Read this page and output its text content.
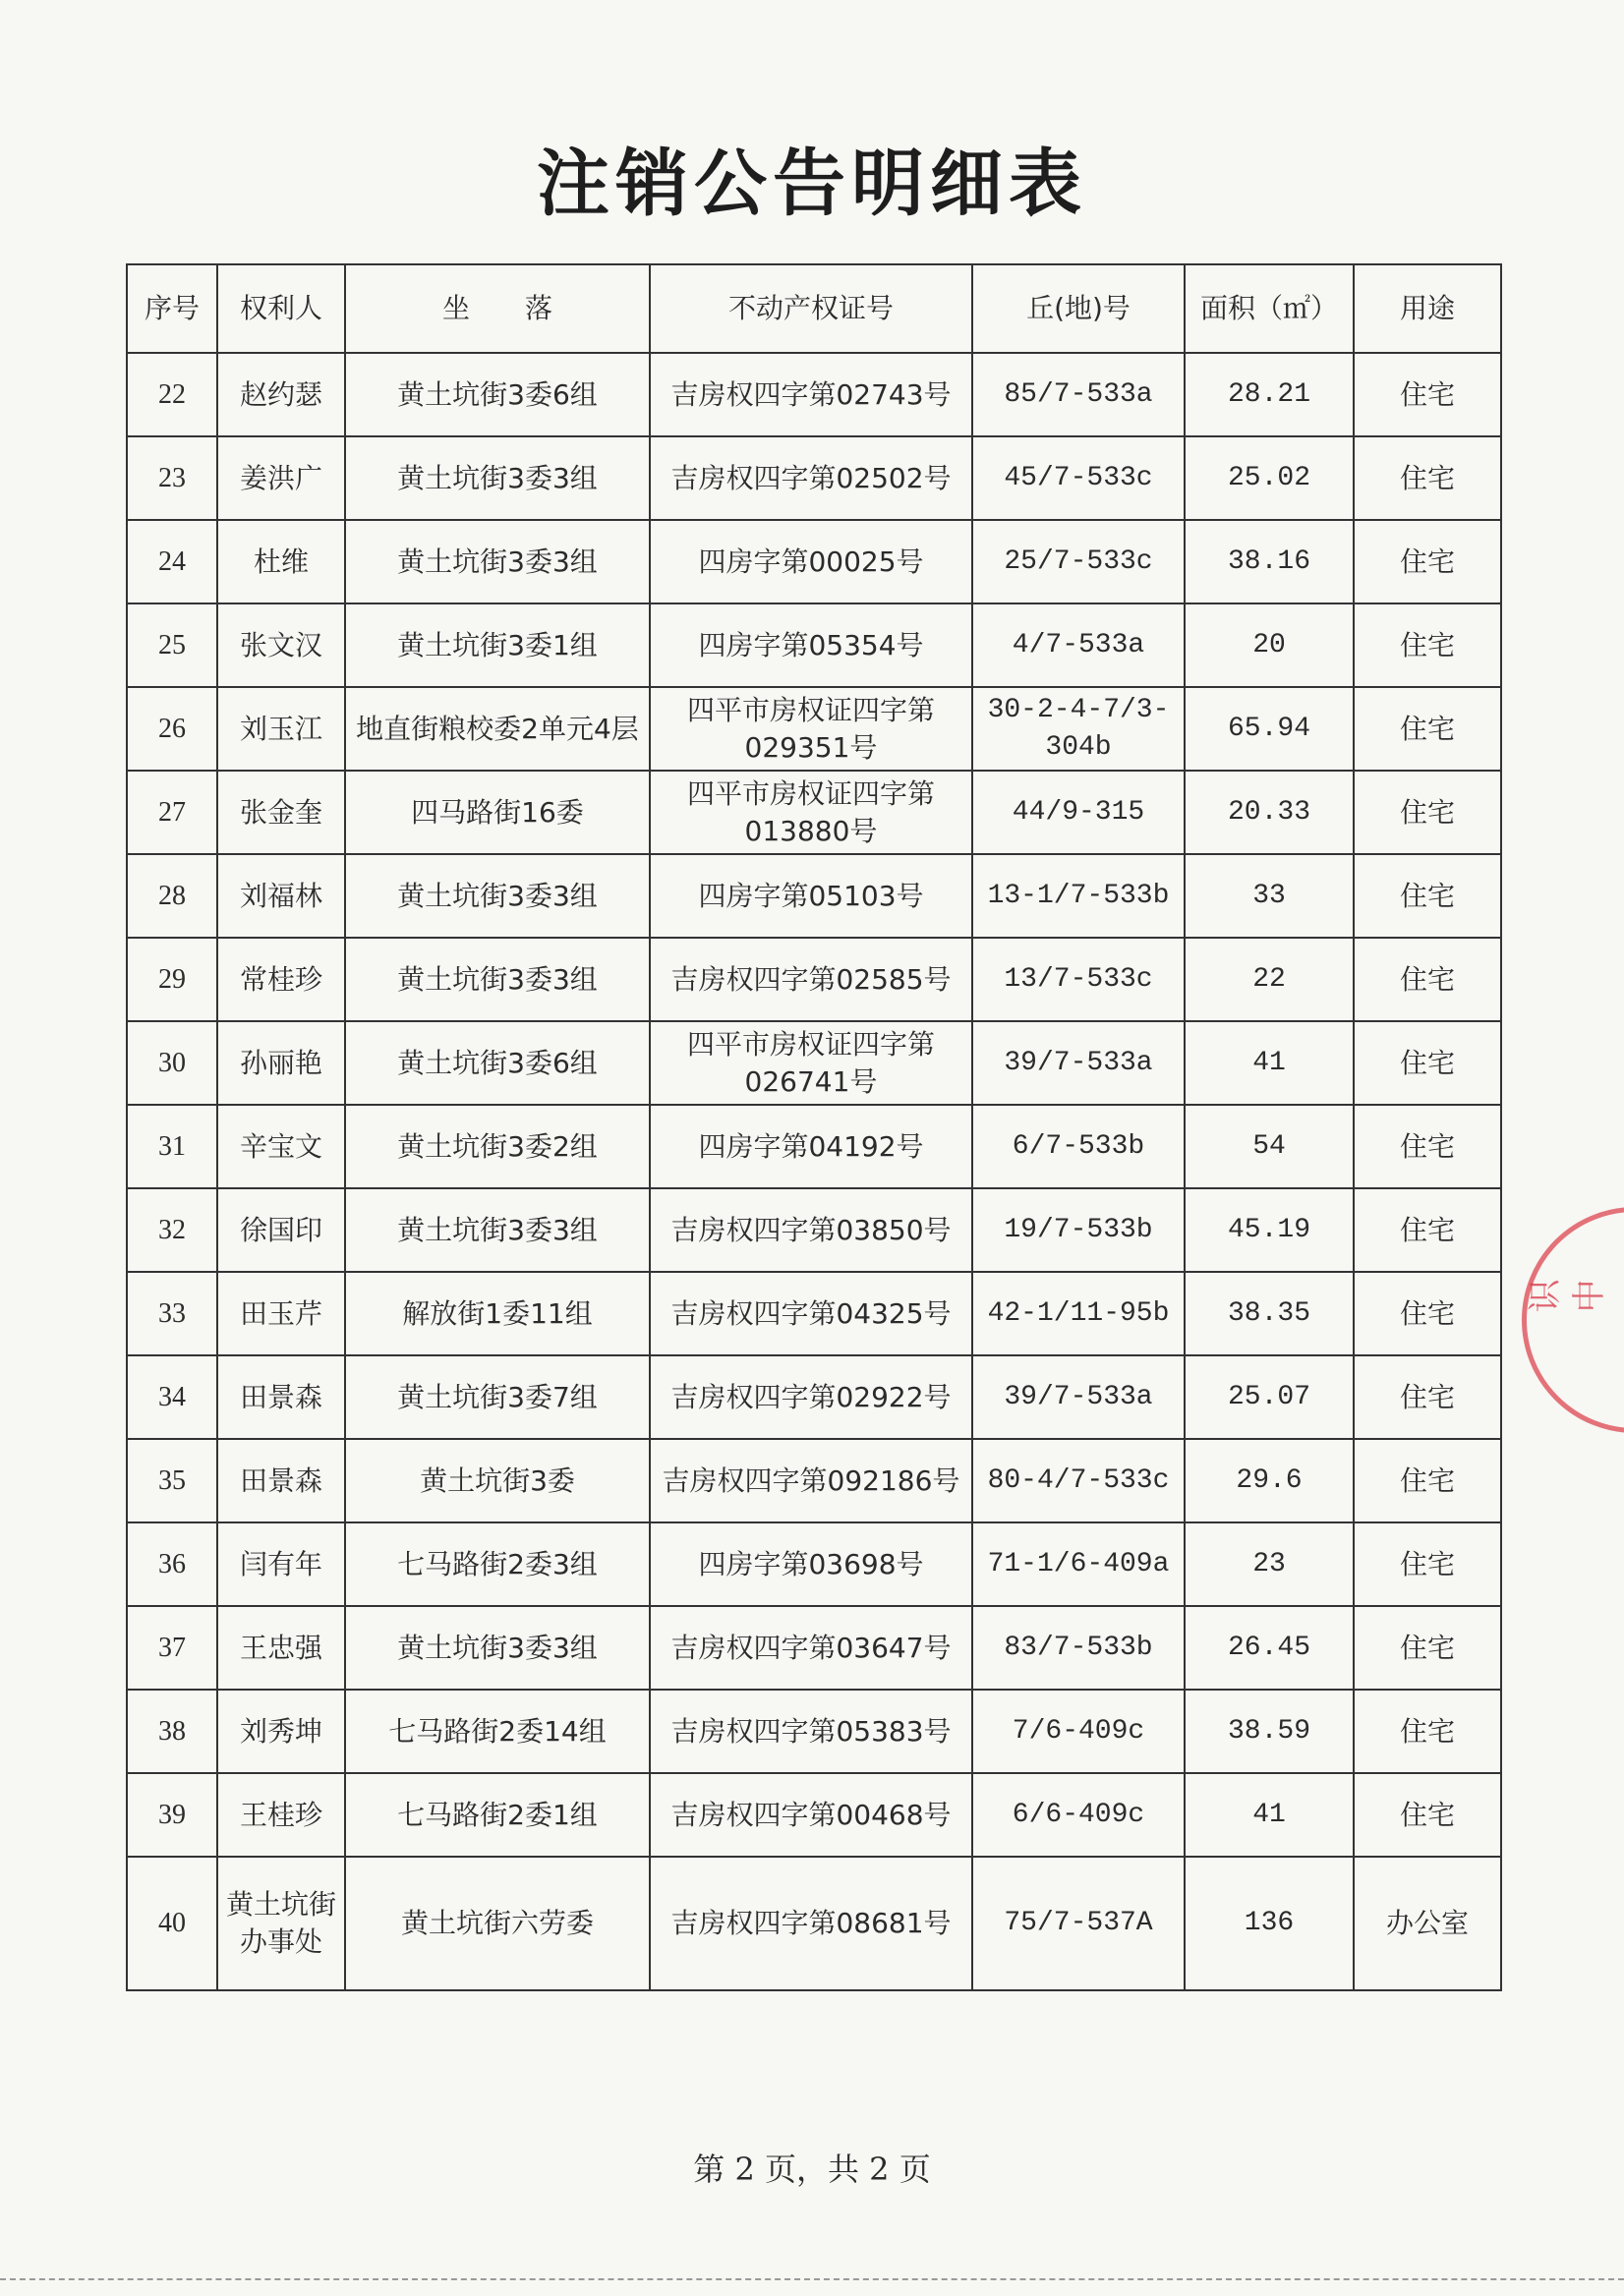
注销公告明细表
序号	权利人	坐　　落	不动产权证号	丘(地)号	面积（㎡）	用途
22	赵约瑟	黄土坑街3委6组	吉房权四字第02743号	85/7-533a	28.21	住宅
23	姜洪广	黄土坑街3委3组	吉房权四字第02502号	45/7-533c	25.02	住宅
24	杜维	黄土坑街3委3组	四房字第00025号	25/7-533c	38.16	住宅
25	张文汉	黄土坑街3委1组	四房字第05354号	4/7-533a	20	住宅
26	刘玉江	地直街粮校委2单元4层	四平市房权证四字第029351号	30-2-4-7/3-304b	65.94	住宅
27	张金奎	四马路街16委	四平市房权证四字第013880号	44/9-315	20.33	住宅
28	刘福林	黄土坑街3委3组	四房字第05103号	13-1/7-533b	33	住宅
29	常桂珍	黄土坑街3委3组	吉房权四字第02585号	13/7-533c	22	住宅
30	孙丽艳	黄土坑街3委6组	四平市房权证四字第026741号	39/7-533a	41	住宅
31	辛宝文	黄土坑街3委2组	四房字第04192号	6/7-533b	54	住宅
32	徐国印	黄土坑街3委3组	吉房权四字第03850号	19/7-533b	45.19	住宅
33	田玉芹	解放街1委11组	吉房权四字第04325号	42-1/11-95b	38.35	住宅
34	田景森	黄土坑街3委7组	吉房权四字第02922号	39/7-533a	25.07	住宅
35	田景森	黄土坑街3委	吉房权四字第092186号	80-4/7-533c	29.6	住宅
36	闫有年	七马路街2委3组	四房字第03698号	71-1/6-409a	23	住宅
37	王忠强	黄土坑街3委3组	吉房权四字第03647号	83/7-533b	26.45	住宅
38	刘秀坤	七马路街2委14组	吉房权四字第05383号	7/6-409c	38.59	住宅
39	王桂珍	七马路街2委1组	吉房权四字第00468号	6/6-409c	41	住宅
40	黄土坑街办事处	黄土坑街六劳委	吉房权四字第08681号	75/7-537A	136	办公室
识 中
第 2 页，共 2 页
